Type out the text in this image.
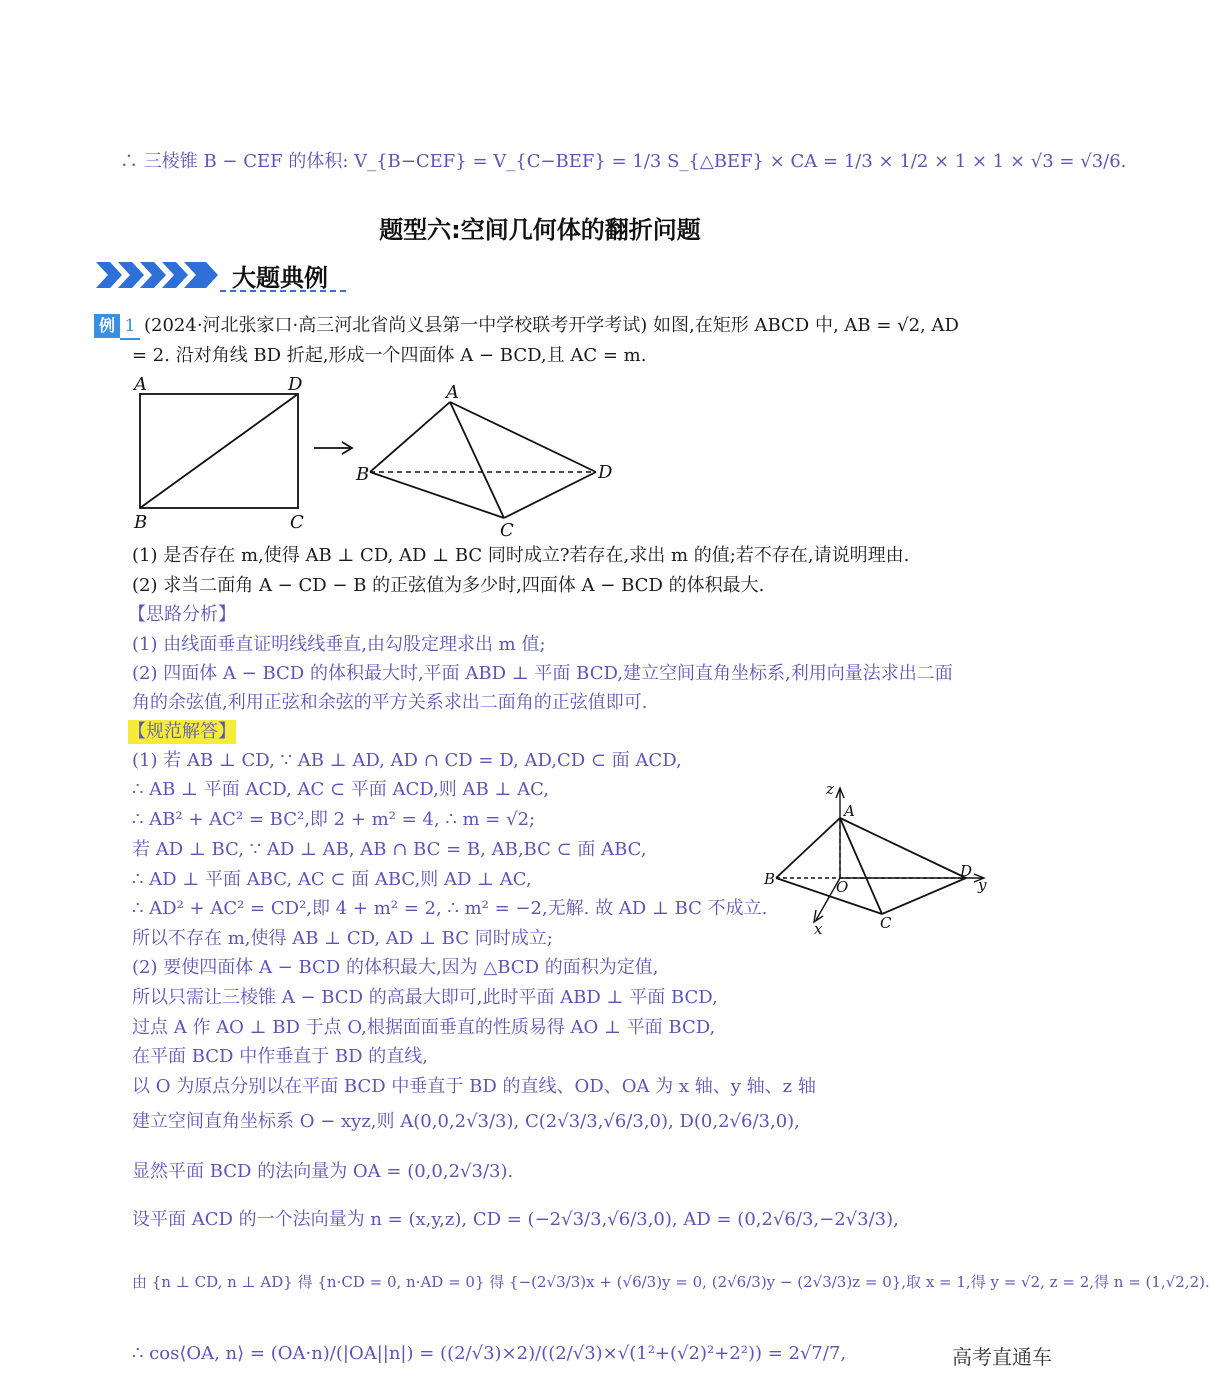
∴ 三棱锥 B − CEF 的体积: V_{B−CEF} = V_{C−BEF} = 1/3 S_{△BEF} × CA = 1/3 × 1/2 × 1 × 1 × √3 = √3/6.
题型六:空间几何体的翻折问题
大题典例
例 1 (2024·河北张家口·高三河北省尚义县第一中学校联考开学考试) 如图,在矩形 ABCD 中, AB = √2, AD
= 2. 沿对角线 BD 折起,形成一个四面体 A − BCD,且 AC = m.
A	D
B	C
A
B	D
C
(1) 是否存在 m,使得 AB ⊥ CD, AD ⊥ BC 同时成立?若存在,求出 m 的值;若不存在,请说明理由.
(2) 求当二面角 A − CD − B 的正弦值为多少时,四面体 A − BCD 的体积最大.
【思路分析】
(1) 由线面垂直证明线线垂直,由勾股定理求出 m 值;
(2) 四面体 A − BCD 的体积最大时,平面 ABD ⊥ 平面 BCD,建立空间直角坐标系,利用向量法求出二面
角的余弦值,利用正弦和余弦的平方关系求出二面角的正弦值即可.
【规范解答】
(1) 若 AB ⊥ CD, ∵ AB ⊥ AD, AD ∩ CD = D, AD,CD ⊂ 面 ACD,
∴ AB ⊥ 平面 ACD, AC ⊂ 平面 ACD,则 AB ⊥ AC,
∴ AB² + AC² = BC²,即 2 + m² = 4, ∴ m = √2;
若 AD ⊥ BC, ∵ AD ⊥ AB, AB ∩ BC = B, AB,BC ⊂ 面 ABC,
∴ AD ⊥ 平面 ABC, AC ⊂ 面 ABC,则 AD ⊥ AC,
∴ AD² + AC² = CD²,即 4 + m² = 2, ∴ m² = −2,无解. 故 AD ⊥ BC 不成立.
所以不存在 m,使得 AB ⊥ CD, AD ⊥ BC 同时成立;
(2) 要使四面体 A − BCD 的体积最大,因为 △BCD 的面积为定值,
所以只需让三棱锥 A − BCD 的高最大即可,此时平面 ABD ⊥ 平面 BCD,
过点 A 作 AO ⊥ BD 于点 O,根据面面垂直的性质易得 AO ⊥ 平面 BCD,
在平面 BCD 中作垂直于 BD 的直线,
以 O 为原点分别以在平面 BCD 中垂直于 BD 的直线、OD、OA 为 x 轴、y 轴、z 轴
建立空间直角坐标系 O − xyz,则 A(0,0,2√3/3), C(2√3/3,√6/3,0), D(0,2√6/3,0),
显然平面 BCD 的法向量为 OA = (0,0,2√3/3).
设平面 ACD 的一个法向量为 n = (x,y,z), CD = (−2√3/3,√6/3,0), AD = (0,2√6/3,−2√3/3),
由 {n ⊥ CD, n ⊥ AD} 得 {n·CD = 0, n·AD = 0} 得 {−(2√3/3)x + (√6/3)y = 0, (2√6/3)y − (2√3/3)z = 0},取 x = 1,得 y = √2, z = 2,得 n = (1,√2,2).
∴ cos⟨OA, n⟩ = (OA·n)/(|OA||n|) = ((2/√3)×2)/((2/√3)×√(1²+(√2)²+2²)) = 2√7/7,
z
A
B	O
D
y
C
x
高考直通车
